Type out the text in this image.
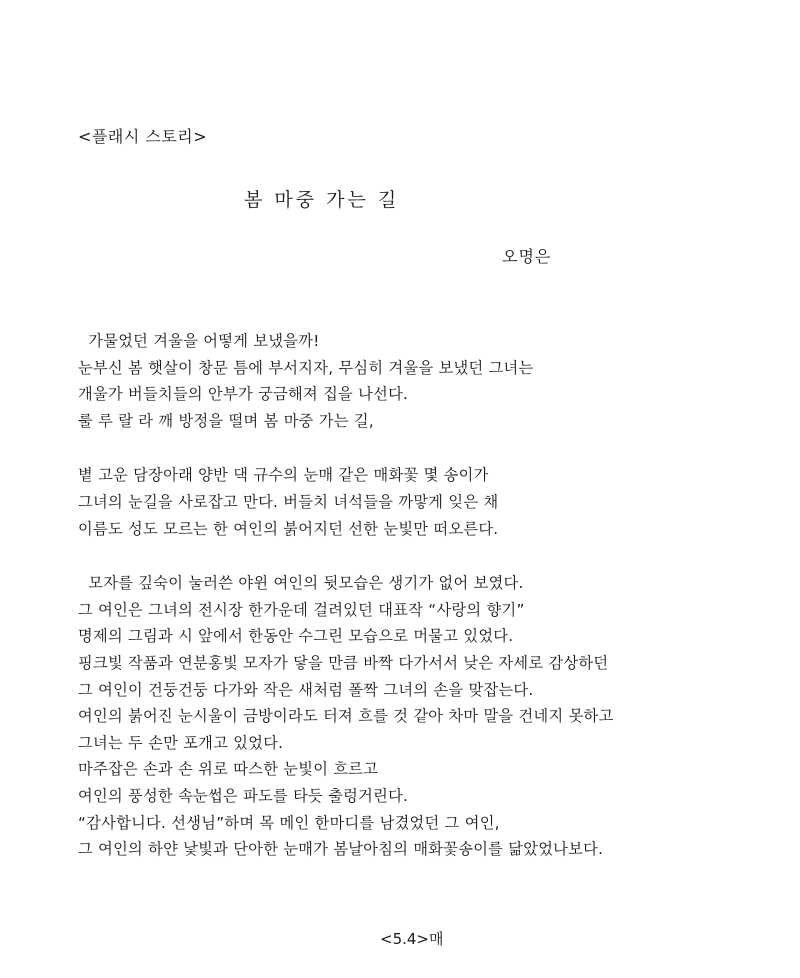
<플래시 스토리>
봄 마중 가는 길
오명은
가물었던 겨울을 어떻게 보냈을까!
눈부신 봄 햇살이 창문 틈에 부서지자, 무심히 겨울을 보냈던 그녀는
개울가 버들치들의 안부가 궁금해져 집을 나선다.
룰 루 랄 라 깨 방정을 떨며 봄 마중 가는 길,
볕 고운 담장아래 양반 댁 규수의 눈매 같은 매화꽃 몇 송이가
그녀의 눈길을 사로잡고 만다. 버들치 녀석들을 까맣게 잊은 채
이름도 성도 모르는 한 여인의 붉어지던 선한 눈빛만 떠오른다.
모자를 깊숙이 눌러쓴 야윈 여인의 뒷모습은 생기가 없어 보였다.
그 여인은 그녀의 전시장 한가운데 걸려있던 대표작 “사랑의 향기”
명제의 그림과 시 앞에서 한동안 수그린 모습으로 머물고 있었다.
핑크빛 작품과 연분홍빛 모자가 닿을 만큼 바짝 다가서서 낮은 자세로 감상하던
그 여인이 건둥건둥 다가와 작은 새처럼 폴짝 그녀의 손을 맞잡는다.
여인의 붉어진 눈시울이 금방이라도 터져 흐를 것 같아 차마 말을 건네지 못하고
그녀는 두 손만 포개고 있었다.
마주잡은 손과 손 위로 따스한 눈빛이 흐르고
여인의 풍성한 속눈썹은 파도를 타듯 출렁거린다.
“감사합니다. 선생님”하며 목 메인 한마디를 남겼었던 그 여인,
그 여인의 하얀 낯빛과 단아한 눈매가 봄날아침의 매화꽃송이를 닮았었나보다.
<5.4>매
